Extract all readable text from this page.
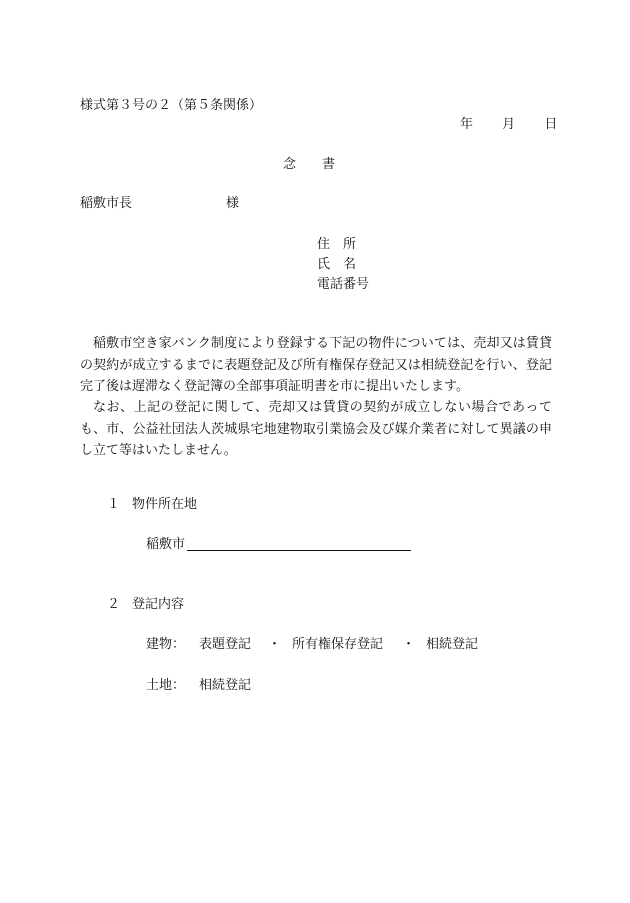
様式第３号の２（第５条関係）

年 月 日

念　　書

稲敷市長	様

住　所

氏　名

電話番号

稲敷市空き家バンク制度により登録する下記の物件については、売却又は賃貸の契約が成立するまでに表題登記及び所有権保存登記又は相続登記を行い、登記完了後は遅滞なく登記簿の全部事項証明書を市に提出いたします。

なお、上記の登記に関して、売却又は賃貸の契約が成立しない場合であっても、市、公益社団法人茨城県宅地建物取引業協会及び媒介業者に対して異議の申し立て等はいたしません。

１ 物件所在地

稲敷市

２ 登記内容

建物： 表題登記 ・ 所有権保存登記 ・ 相続登記

土地： 相続登記
